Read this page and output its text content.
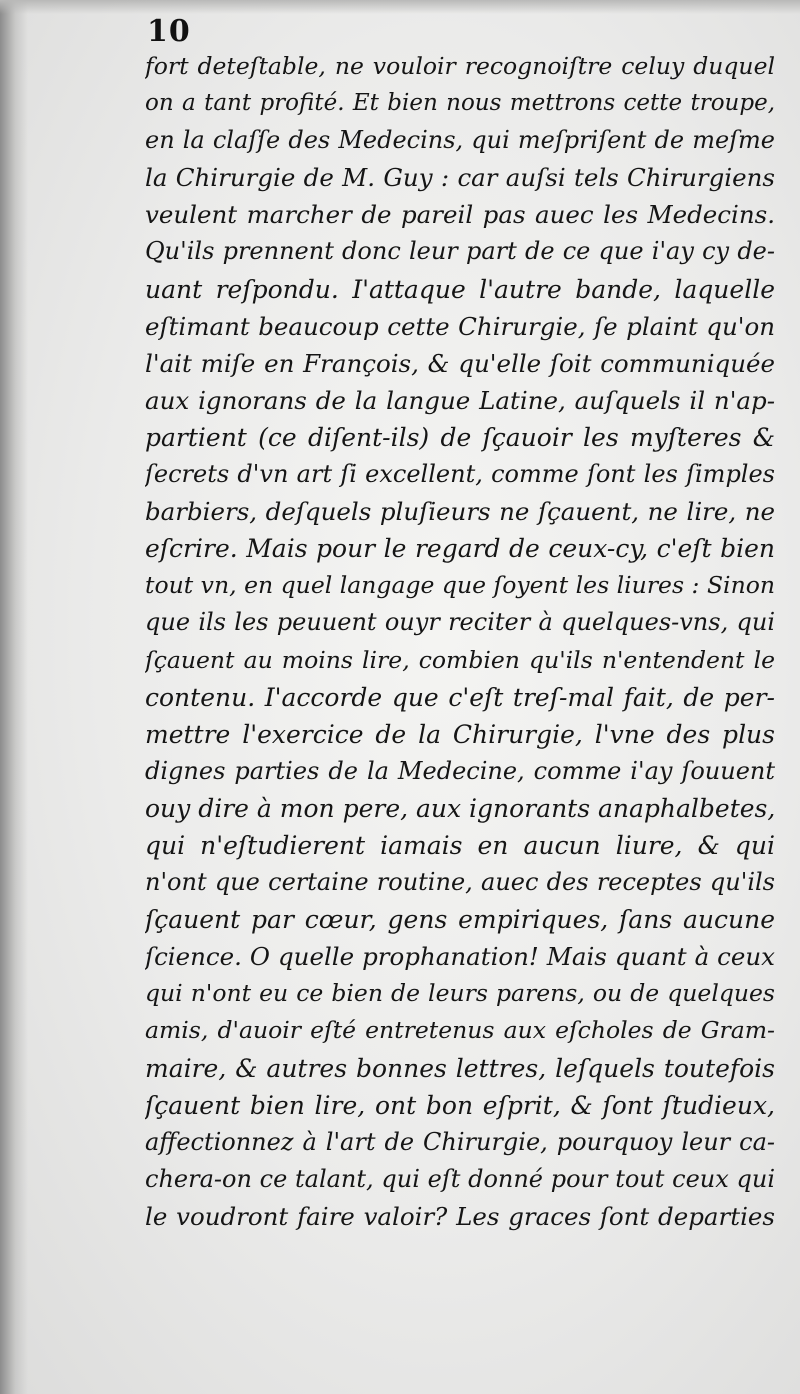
10
fort deteſtable, ne vouloir recognoiſtre celuy duquel
on a tant profité. Et bien nous mettrons cette troupe,
en la claſſe des Medecins, qui meſpriſent de meſme
la Chirurgie de M. Guy : car auſsi tels Chirurgiens
veulent marcher de pareil pas auec les Medecins.
Qu'ils prennent donc leur part de ce que i'ay cy de-
uant reſpondu. I'attaque l'autre bande, laquelle
eſtimant beaucoup cette Chirurgie, ſe plaint qu'on
l'ait miſe en François, & qu'elle ſoit communiquée
aux ignorans de la langue Latine, auſquels il n'ap-
partient (ce diſent-ils) de ſçauoir les myſteres &
ſecrets d'vn art ſi excellent, comme ſont les ſimples
barbiers, deſquels pluſieurs ne ſçauent, ne lire, ne
eſcrire. Mais pour le regard de ceux-cy, c'eſt bien
tout vn, en quel langage que ſoyent les liures : Sinon
que ils les peuuent ouyr reciter à quelques-vns, qui
ſçauent au moins lire, combien qu'ils n'entendent le
contenu. I'accorde que c'eſt treſ-mal fait, de per-
mettre l'exercice de la Chirurgie, l'vne des plus
dignes parties de la Medecine, comme i'ay ſouuent
ouy dire à mon pere, aux ignorants anaphalbetes,
qui n'eſtudierent iamais en aucun liure, & qui
n'ont que certaine routine, auec des receptes qu'ils
ſçauent par cœur, gens empiriques, ſans aucune
ſcience. O quelle prophanation! Mais quant à ceux
qui n'ont eu ce bien de leurs parens, ou de quelques
amis, d'auoir eſté entretenus aux eſcholes de Gram-
maire, & autres bonnes lettres, leſquels toutefois
ſçauent bien lire, ont bon eſprit, & ſont ſtudieux,
affectionnez à l'art de Chirurgie, pourquoy leur ca-
chera-on ce talant, qui eſt donné pour tout ceux qui
le voudront faire valoir? Les graces ſont departies
